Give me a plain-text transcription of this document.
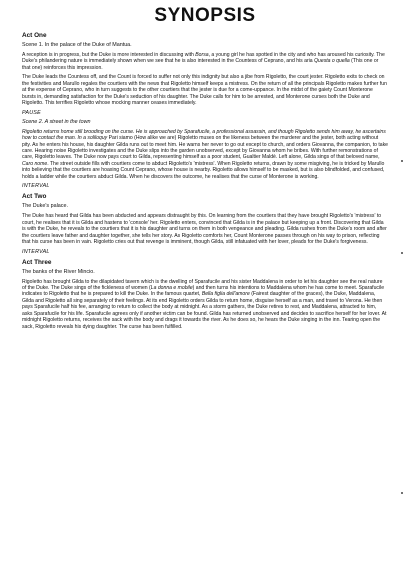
SYNOPSIS
Act One
Scene 1. In the palace of the Duke of Mantua.

A reception is in progress, but the Duke is more interested in discussing with Borsa, a young girl he has spotted in the city and who has aroused his curiosity. The Duke's philandering nature is immediately shown when we see that he is also interested in the Countess of Ceprano, and his aria Questa o quella (This one or that one) reinforces this impression.

The Duke leads the Countess off, and the Count is forced to suffer not only this indignity but also a jibe from Rigoletto, the court jester. Rigoletto exits to check on the festivities and Marullo regales the courtiers with the news that Rigoletto himself keeps a mistress. On the return of all the principals Rigoletto makes further fun at the expense of Ceprano, who in turn suggests to the other courtiers that the jester is due for a come-uppance. In the midst of the gaiety Count Monterone bursts in, demanding satisfaction for the Duke's seduction of his daughter. The Duke calls for him to be arrested, and Monterone curses both the Duke and Rigoletto. This terrifies Rigoletto whose mocking manner ceases immediately.

PAUSE
Scene 2. A street in the town

Rigoletto returns home still brooding on the curse. He is approached by Sparafucile, a professional assassin, and though Rigoletto sends him away, he ascertains how to contact the man. In a soliloquy Pari siamo (How alike we are) Rigoletto muses on the likeness between the murderer and the jester, both acting without pity. As he enters his house, his daughter Gilda runs out to meet him. He warns her never to go out except to church, and orders Giovanna, the companion, to take care. Hearing noise Rigoletto investigates and the Duke slips into the garden unobserved, except by Giovanna whom he bribes. With further remonstrations of care, Rigoletto leaves. The Duke now pays court to Gilda, representing himself as a poor student, Gualtier Maldè. Left alone, Gilda sings of that beloved name, Caro nome. The street outside fills with courtiers come to abduct Rigoletto's 'mistress'. When Rigoletto returns, drawn by some misgiving, he is tricked by Marullo into believing that the courtiers are hoaxing Count Ceprano, whose house is nearby. Rigoletto allows himself to be masked, but is also blindfolded, and confused, holds a ladder while the courtiers abduct Gilda. When he discovers the outcome, he realises that the curse of Monterone is working.

INTERVAL
Act Two
The Duke's palace.

The Duke has heard that Gilda has been abducted and appears distraught by this. On learning from the courtiers that they have brought Rigoletto's 'mistress' to court, he realises that it is Gilda and hastens to 'console' her. Rigoletto enters, convinced that Gilda is in the palace but keeping up a front. Discovering that Gilda is with the Duke, he reveals to the courtiers that it is his daughter and turns on them in both vengeance and pleading. Gilda rushes from the Duke's room and after the courtiers leave father and daughter together, she tells her story. As Rigoletto comforts her, Count Monterone passes through on his way to prison, reflecting that his curse has been in vain. Rigoletto cries out that revenge is imminent, though Gilda, still infatuated with her lover, pleads for the Duke's forgiveness.

INTERVAL
Act Three
The banks of the River Mincio.

Rigoletto has brought Gilda to the dilapidated tavern which is the dwelling of Sparafucile and his sister Maddalena in order to let his daughter see the real nature of the Duke. The Duke sings of the fickleness of women (La donna e mobile) and then turns his intentions to Maddalena whom he has come to meet. Sparafucile indicates to Rigoletto that he is prepared to kill the Duke. In the famous quartet, Bella figlia dell'amore (Fairest daughter of the graces), the Duke, Maddalena, Gilda and Rigoletto all sing separately of their feelings. At its end Rigoletto orders Gilda to return home, disguise herself as a man, and travel to Verona. He then pays Sparafucile half his fee, arranging to return to collect the body at midnight. As a storm gathers, the Duke retires to rest, and Maddalena, attracted to him, asks Sparafucile for his life. Sparafucile agrees only if another victim can be found. Gilda has returned unobserved and decides to sacrifice herself for her lover. At midnight Rigoletto returns, receives the sack with the body and drags it towards the river. As he does so, he hears the Duke singing in the inn. Tearing open the sack, Rigoletto reveals his dying daughter. The curse has been fulfilled.
